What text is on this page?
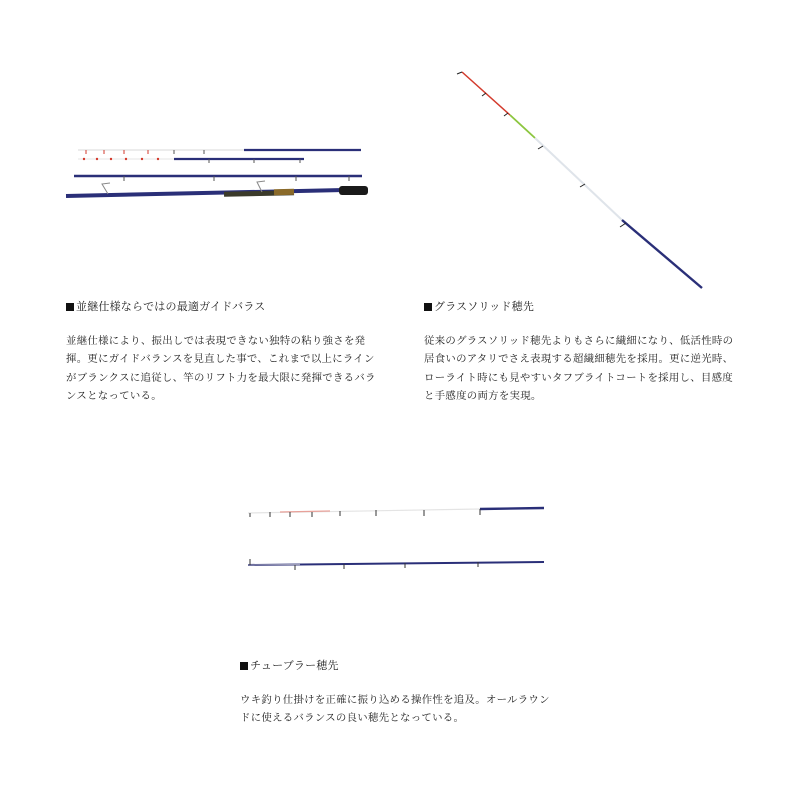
並継仕様ならではの最適ガイドバラス

並継仕様により、振出しでは表現できない独特の粘り強さを発揮。更にガイドバランスを見直した事で、これまで以上にラインがブランクスに追従し、竿のリフト力を最大限に発揮できるバランスとなっている。

グラスソリッド穂先

従来のグラスソリッド穂先よりもさらに繊細になり、低活性時の居食いのアタリでさえ表現する超繊細穂先を採用。更に逆光時、ローライト時にも見やすいタフブライトコートを採用し、目感度と手感度の両方を実現。

チューブラー穂先

ウキ釣り仕掛けを正確に振り込める操作性を追及。オールラウンドに使えるバランスの良い穂先となっている。
